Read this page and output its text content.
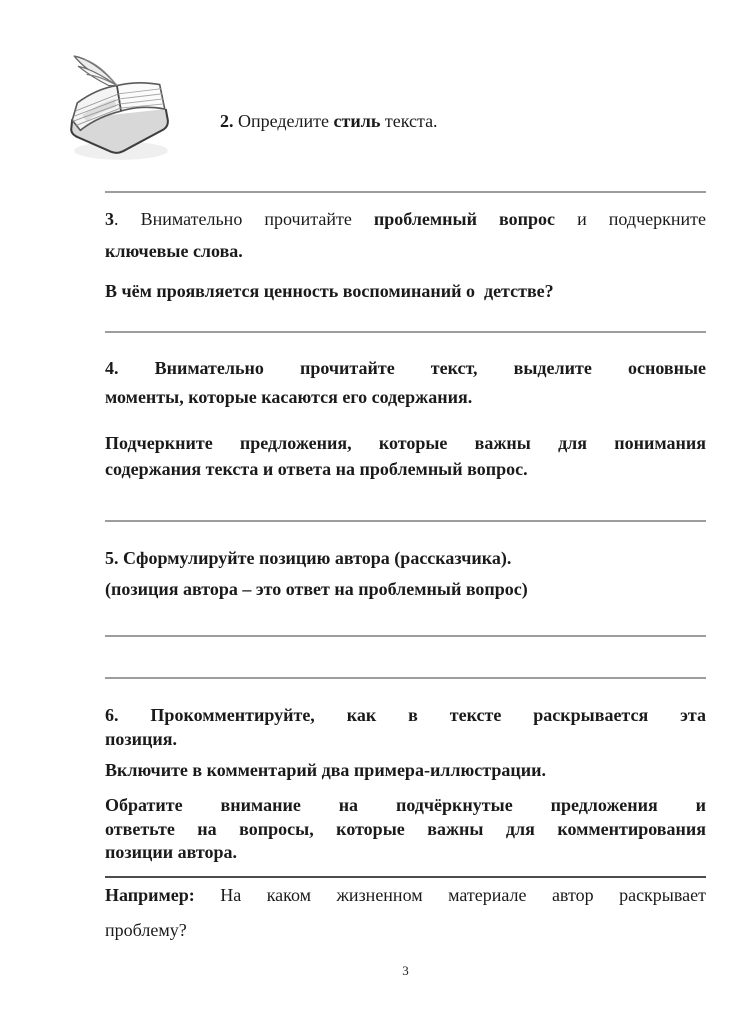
2. Определите стиль текста.
3. Внимательно прочитайте проблемный вопрос и подчеркните
ключевые слова.
В чём проявляется ценность воспоминаний о  детстве?
4. Внимательно прочитайте текст, выделите основные
моменты, которые касаются его содержания.
Подчеркните предложения, которые важны для понимания
содержания текста и ответа на проблемный вопрос.
5. Сформулируйте позицию автора (рассказчика).
(позиция автора – это ответ на проблемный вопрос)
6. Прокомментируйте, как в тексте раскрывается эта
позиция.
Включите в комментарий два примера-иллюстрации.
Обратите внимание на подчёркнутые предложения и
ответьте на вопросы, которые важны для комментирования
позиции автора.
Например: На каком жизненном материале автор раскрывает
проблему?
3
